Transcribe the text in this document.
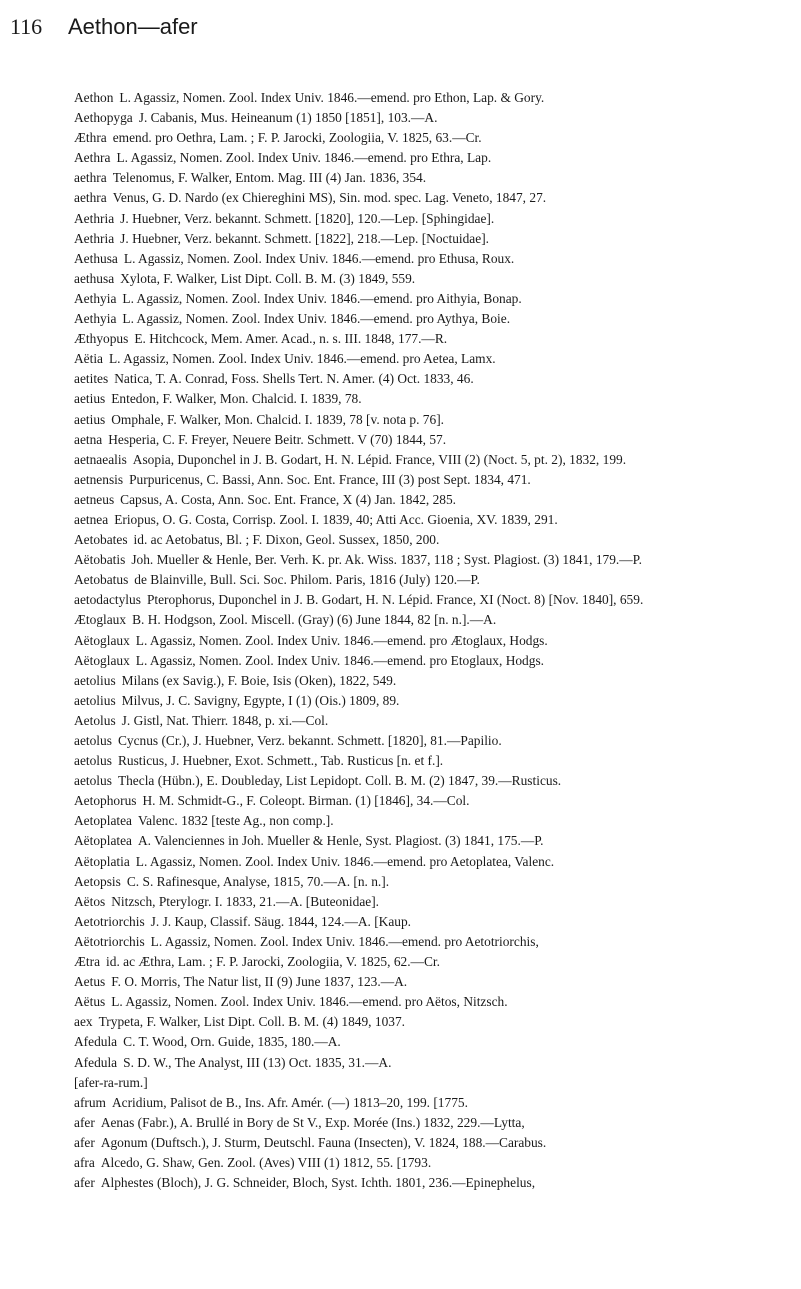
116	Aethon—afer
Aethon L. Agassiz, Nomen. Zool. Index Univ. 1846.—emend. pro Ethon, Lap. & Gory.
Aethopyga J. Cabanis, Mus. Heineanum (1) 1850 [1851], 103.—A.
Æthra emend. pro Oethra, Lam. ; F. P. Jarocki, Zoologiia, V. 1825, 63.—Cr.
Aethra L. Agassiz, Nomen. Zool. Index Univ. 1846.—emend. pro Ethra, Lap.
aethra Telenomus, F. Walker, Entom. Mag. III (4) Jan. 1836, 354.
aethra Venus, G. D. Nardo (ex Chiereghini MS), Sin. mod. spec. Lag. Veneto, 1847, 27.
Aethria J. Huebner, Verz. bekannt. Schmett. [1820], 120.—Lep. [Sphingidae].
Aethria J. Huebner, Verz. bekannt. Schmett. [1822], 218.—Lep. [Noctuidae].
Aethusa L. Agassiz, Nomen. Zool. Index Univ. 1846.—emend. pro Ethusa, Roux.
aethusa Xylota, F. Walker, List Dipt. Coll. B. M. (3) 1849, 559.
Aethyia L. Agassiz, Nomen. Zool. Index Univ. 1846.—emend. pro Aithyia, Bonap.
Aethyia L. Agassiz, Nomen. Zool. Index Univ. 1846.—emend. pro Aythya, Boie.
Æthyopus E. Hitchcock, Mem. Amer. Acad., n. s. III. 1848, 177.—R.
Aëtia L. Agassiz, Nomen. Zool. Index Univ. 1846.—emend. pro Aetea, Lamx.
aetites Natica, T. A. Conrad, Foss. Shells Tert. N. Amer. (4) Oct. 1833, 46.
aetius Entedon, F. Walker, Mon. Chalcid. I. 1839, 78.
aetius Omphale, F. Walker, Mon. Chalcid. I. 1839, 78 [v. nota p. 76].
aetna Hesperia, C. F. Freyer, Neuere Beitr. Schmett. V (70) 1844, 57.
aetnaealis Asopia, Duponchel in J. B. Godart, H. N. Lépid. France, VIII (2) (Noct. 5, pt. 2), 1832, 199.
aetnensis Purpuricenus, C. Bassi, Ann. Soc. Ent. France, III (3) post Sept. 1834, 471.
aetneus Capsus, A. Costa, Ann. Soc. Ent. France, X (4) Jan. 1842, 285.
aetnea Eriopus, O. G. Costa, Corrisp. Zool. I. 1839, 40; Atti Acc. Gioenia, XV. 1839, 291.
Aetobates id. ac Aetobatus, Bl. ; F. Dixon, Geol. Sussex, 1850, 200.
Aëtobatis Joh. Mueller & Henle, Ber. Verh. K. pr. Ak. Wiss. 1837, 118 ; Syst. Plagiost. (3) 1841, 179.—P.
Aetobatus de Blainville, Bull. Sci. Soc. Philom. Paris, 1816 (July) 120.—P.
aetodactylus Pterophorus, Duponchel in J. B. Godart, H. N. Lépid. France, XI (Noct. 8) [Nov. 1840], 659.
Ætoglaux B. H. Hodgson, Zool. Miscell. (Gray) (6) June 1844, 82 [n. n.].—A.
Aëtoglaux L. Agassiz, Nomen. Zool. Index Univ. 1846.—emend. pro Ætoglaux, Hodgs.
Aëtoglaux L. Agassiz, Nomen. Zool. Index Univ. 1846.—emend. pro Etoglaux, Hodgs.
aetolius Milans (ex Savig.), F. Boie, Isis (Oken), 1822, 549.
aetolius Milvus, J. C. Savigny, Egypte, I (1) (Ois.) 1809, 89.
Aetolus J. Gistl, Nat. Thierr. 1848, p. xi.—Col.
aetolus Cycnus (Cr.), J. Huebner, Verz. bekannt. Schmett. [1820], 81.—Papilio.
aetolus Rusticus, J. Huebner, Exot. Schmett., Tab. Rusticus [n. et f.].
aetolus Thecla (Hübn.), E. Doubleday, List Lepidopt. Coll. B. M. (2) 1847, 39.—Rusticus.
Aetophorus H. M. Schmidt-G., F. Coleopt. Birman. (1) [1846], 34.—Col.
Aetoplatea Valenc. 1832 [teste Ag., non comp.].
Aëtoplatea A. Valenciennes in Joh. Mueller & Henle, Syst. Plagiost. (3) 1841, 175.—P.
Aëtoplatia L. Agassiz, Nomen. Zool. Index Univ. 1846.—emend. pro Aetoplatea, Valenc.
Aetopsis C. S. Rafinesque, Analyse, 1815, 70.—A. [n. n.].
Aëtos Nitzsch, Pterylogr. I. 1833, 21.—A. [Buteonidae].
Aetotriorchis J. J. Kaup, Classif. Säug. 1844, 124.—A. [Kaup.
Aëtotriorchis L. Agassiz, Nomen. Zool. Index Univ. 1846.—emend. pro Aetotriorchis,
Ætra id. ac Æthra, Lam. ; F. P. Jarocki, Zoologiia, V. 1825, 62.—Cr.
Aetus F. O. Morris, The Natur list, II (9) June 1837, 123.—A.
Aëtus L. Agassiz, Nomen. Zool. Index Univ. 1846.—emend. pro Aëtos, Nitzsch.
aex Trypeta, F. Walker, List Dipt. Coll. B. M. (4) 1849, 1037.
Afedula C. T. Wood, Orn. Guide, 1835, 180.—A.
Afedula S. D. W., The Analyst, III (13) Oct. 1835, 31.—A.
[afer-ra-rum.]
afrum Acridium, Palisot de B., Ins. Afr. Amér. (—) 1813–20, 199. [1775.
afer Aenas (Fabr.), A. Brullé in Bory de St V., Exp. Morée (Ins.) 1832, 229.—Lytta,
afer Agonum (Duftsch.), J. Sturm, Deutschl. Fauna (Insecten), V. 1824, 188.—Carabus.
afra Alcedo, G. Shaw, Gen. Zool. (Aves) VIII (1) 1812, 55. [1793.
afer Alphestes (Bloch), J. G. Schneider, Bloch, Syst. Ichth. 1801, 236.—Epinephelus,
